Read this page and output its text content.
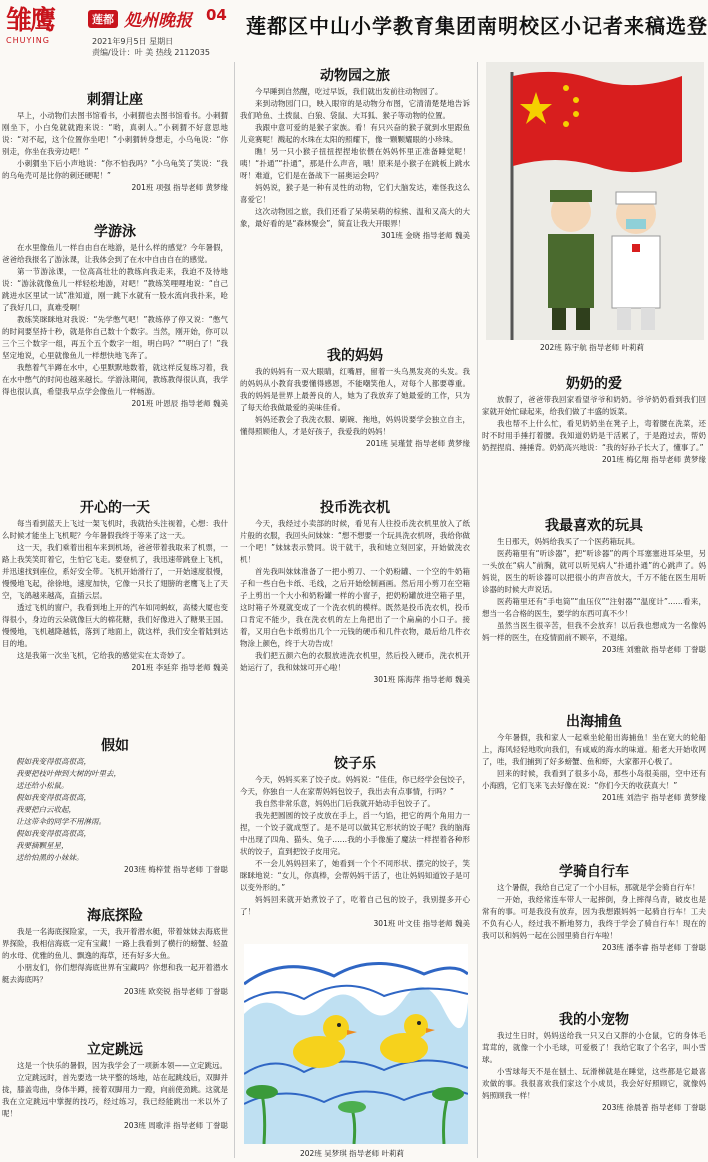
雏鹰
CHUYING
莲都 処州晚报 04
2021年9月5日 星期日
责编/设计：叶 美 热线 2112035
莲都区中山小学教育集团南明校区小记者来稿选登
刺猬让座

早上，小动物们去图书馆看书，小刺猬也去图书馆看书。小刺猬刚坐下，小白兔就就跑来说：“哟，真刺人。”小刺猬不好意思地说：“对不起，这个位置你坐吧！”小刺猬转身想走，小乌龟说：“你别走，你坐在我旁边吧！”

小刺猬坐下后小声地说：“你不怕我吗？”小乌龟笑了笑说：“我的乌龟壳可是比你的刺还硬呢！”

201班 项强 指导老师 黄梦缘
学游泳

在水里像鱼儿一样自由自在地游，是什么样的感觉？今年暑假，爸爸给我报名了游泳课，让我体会到了在水中自由自在的感觉。

第一节游泳课，一位高高壮壮的教练向我走来，我迫不及待地说：“游泳就像鱼儿一样轻松地游，对吧！”教练笑哩哩地说：“自己跳进水区里试一试”准知道，刚一跳下水就有一股水流向我扑来，呛了我好几口，真难受啊！

教练笑眯眯地对我说：“先学憋气吧！”教练停了停又说：“憋气的时间要坚持十秒，就是你自己数十个数字。当然，刚开始，你可以三个三个数字一组，再五个五个数字一组，明白吗？”“明白了！”我坚定地说，心里就像鱼儿一样想快地飞奔了。

我憋着气半蹲在水中，心里默默地数着，就这样反复练习着，我在水中憋气的时间也越来越长。学游泳期间，教练教得很认真，我学得也很认真，希望我早点学会像鱼儿一样畅游。

201班 叶恩辰 指导老师 魏美
开心的一天

每当看到蓝天上飞过一架飞机时，我就抬头注视着，心想：我什么时候才能坐上飞机呢？今年暑假我终于等来了这一天。

这一天，我们乘着出租车来到机场，爸爸带着我取来了机票，一路上我笑笑盯着它，生怕它飞走。要登机了，我迅速带跳登上飞机，并迅速找到座位，系好安全带。飞机开始滑行了，一开始速度很慢，慢慢地飞起，徐徐地，速度加快，它像一只长了翅膀的老鹰飞上了天空，飞鸽越来越高，直插云层。

透过飞机的窗户，我看到地上开的汽车如同蚂蚁，高楼大厦也变得很小，身边的云朵就像巨大的棉花糖，我们好像进入了糖果王国。慢慢地，飞机越降越低，落到了地面上，就这样，我们安全着陆到达目的地。

这是我第一次坐飞机，它给我的感觉实在太奇妙了。

201班 李延弈 指导老师 魏美
假如
假如我变得很高很高，
我要把枝叶伸到大树的叶里去，
送还给小松鼠。
假如我变得很高很高，
我要把白云收起，
让这带伞的同学不用淋雨。
假如我变得很高很高，
我要摘颗星星，
送给怕黑的小妹妹。
203班 梅梓萱 指导老师 丁誉聪
海底探险

我是一名海底探险家，一天，我开着潜水艇，带着妹妹去海底世界探险，我相信海底一定有宝藏！一路上我看到了横行的螃蟹、轻盈的水母、优雅的鱼儿、飘逸的海草，还有好多大鱼。

小朋友们，你们想得海底世界有宝藏吗？你想和我一起开着潜水艇去海底吗？

203班 欧奕锐 指导老师 丁誉聪
立定跳远

这是一个快乐的暑假，因为我学会了一项新本领——立定跳远。

立定跳远时，首先要选一块平整的场地，站在起跳线后，双脚并拢，膝盖弯曲，身体半蹲，接着双脚用力一蹬，向前使劲跳。这就是我在立定跳远中掌握的技巧，经过练习，我已经能跳出一米以外了呢！

203班 周歌洋 指导老师 丁誉聪
动物园之旅

今早睡到自然醒，吃过早饭，我们就出发前往动物园了。

来到动物园门口，映入眼帘的是动物分布图，它清清楚楚地告诉我们哈鱼、土拨鼠、白狼、袋鼠、大耳狐、猴子等动物的位置。

我跟中意可爱的是猴子家族。看！有只兴奋的猴子就到水里跟鱼儿竞赛呢！溅起的水珠在太阳的照耀下，像一颗颗耀眼的小珍珠。

瞧！另一只小猴子扭扭捏捏地依偎在妈妈怀里正准备睡觉呢！咦！“扑通”“扑通”，那是什么声音，哦！原来是小猴子在跳板上跳水呀！难道，它们是在备战下一届奥运会吗？

妈妈说，猴子是一种有灵性的动物，它们大脑发达，难怪我这么喜爱它！

这次动物园之旅，我们还看了呆萌呆萌的棕熊、温和又高大的大象，最好看的是“森林聚会”，简直让我大开眼界！

301班 金晓 指导老师 魏美
我的妈妈

我的妈妈有一双大眼睛，红嘴唇，留着一头乌黑发亮的头发。我的妈妈从小教育我要懂得感恩，不能嘲笑他人，对每个人都要尊重。我的妈妈是世界上最善良的人，她为了我放弃了她最爱的工作，只为了每天给我做最爱的美味佳肴。

妈妈还教会了我洗衣服、刷碗、拖地，妈妈说要学会独立自主，懂得照顾他人，才是好孩子，我爱我的妈妈！

201班 吴瑾萱 指导老师 黄梦缘
投币洗衣机

今天，我经过小卖部的时候，看见有人往投币洗衣机里放入了纸片般的衣服，我回头问妹妹：“想不想要一个玩具洗衣机呀，我给你做一个吧！”妹妹表示赞同。说干就干，我和她立刻回家，开始做洗衣机！

首先我叫妹妹准备了一把小剪刀、一个奶粉罐、一个空的牛奶箱子和一些白色卡纸、毛线，之后开始绘制画画。然后用小剪刀在空箱子上剪出一个大小和奶粉罐一样的小窗子，把奶粉罐放进空箱子里，这时箱子外观就变成了一个洗衣机的模样。既然是投币洗衣机，投币口肯定不能少，我在洗衣机的左上角把出了一个扁扁的小口子。接着，又用白色卡纸剪出几个一元钱的硬币和几件衣物，最后给几件衣物涂上颜色，终于大功告成！

我们把五颜六色的衣服放进洗衣机里，然后投入硬币，洗衣机开始运行了，我和妹妹可开心啦！

301班 陈海萍 指导老师 魏美
饺子乐

今天，妈妈买来了饺子皮。妈妈说：“佳佳，你已经学会包饺子，今天，你独自一人在家帮妈妈包饺子，我出去有点事情，行吗？”

我自然非常乐意，妈妈出门后我就开始动手包饺子了。

我先把圆圆的饺子皮放在手上，舀一勺馅，把它的两个角用力一捏，一个饺子就成型了。是不是可以做其它形状的饺子呢？我的脑海中出现了四角、猫头、兔子……我的小手像施了魔法一样捏着各种形状的饺子，直到把饺子皮用完。

不一会儿妈妈回来了，她看到一个个不同形状、摆完的饺子，笑眯眯地说：“女儿，你真棒，会帮妈妈干活了，也让妈妈知道饺子是可以变外形的。”

妈妈回来就开始煮饺子了，吃着自己包的饺子，我别提多开心了！

301班 叶文佳 指导老师 魏美
202班 吴梦琪 指导老师 叶莉莉
202班 陈宇航 指导老师 叶莉莉
奶奶的爱

放假了，爸爸带我回家看望爷爷和奶奶。爷爷奶奶看到我们回家就开始忙碌起来，给我们做了丰盛的饭菜。

我也帮不上什么忙，看见奶奶坐在凳子上，弯着腰在洗菜，还时不时用手捶打着腰。我知道奶奶是干活累了，于是跑过去，帮奶奶捏捏肩、捶捶背。奶奶高兴地说：“我的好孙子长大了，懂事了。”

201班 梅亿翔 指导老师 黄梦缘
我最喜欢的玩具

生日那天，妈妈给我买了一个医药箱玩具。

医药箱里有“听诊器”，把“听诊器”的两个耳塞塞进耳朵里，另一头放在“病人”前胸，就可以听见病人“扑通扑通”的心跳声了。妈妈说，医生的听诊器可以把很小的声音放大，千万不能在医生用听诊器的时候大声说话。

医药箱里还有“手电筒”“血压仪”“注射器”“温度计”……看来，想当一名合格的医生，要学的东西可真不少！

虽然当医生很辛苦，但我不会放弃！以后我也想成为一名像妈妈一样的医生，在疫情面前不顾辛，不退缩。

203班 刘雅歆 指导老师 丁誉聪
出海捕鱼

今年暑假，我和家人一起乘坐轮船出海捕鱼！坐在宽大的轮船上，海风轻轻地吹向我们，有咸咸的海水的味道。船老大开始收网了，哇，我们捕到了好多螃蟹、鱼和虾，大家都开心极了。

回来的时候，我看到了很多小岛，那些小岛很美丽，空中还有小海鸥，它们飞来飞去好像在说：“你们今天的收获真大！”

201班 刘浩宇 指导老师 黄梦缘
学骑自行车

这个暑假，我给自己定了一个小目标，那就是学会骑自行车！

一开始，我经常连车带人一起摔倒，身上摔得乌青，破皮也是常有的事。可是我没有放弃，因为我想跟妈妈一起骑自行车！工夫不负有心人，经过我不断地努力，我终于学会了骑自行车！现在的我可以和妈妈一起在公园里骑自行车啦！

203班 潘李睿 指导老师 丁誉聪
我的小宠物

我过生日时，妈妈送给我一只又白又胖的小仓鼠，它的身体毛茸茸的，就像一个小毛球，可爱极了！我给它取了个名字，叫小雪球。

小雪球每天不是在刨土、玩滑梯就是在睡觉，这些都是它最喜欢做的事。我很喜欢我们家这个小成员，我会好好照顾它，就像妈妈照顾我一样！

203班 徐晨普 指导老师 丁誉聪
